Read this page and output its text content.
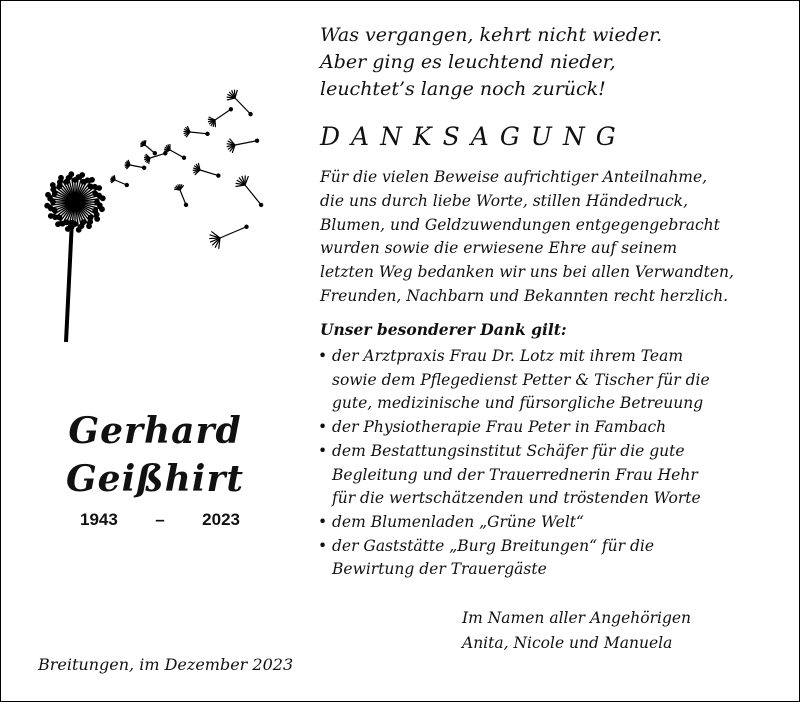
Gerhard
Geißhirt
1943 – 2023
Breitungen, im Dezember 2023
Was vergangen, kehrt nicht wieder.
Aber ging es leuchtend nieder,
leuchtet’s lange noch zurück!
DANKSAGUNG
Für die vielen Beweise aufrichtiger Anteilnahme,
die uns durch liebe Worte, stillen Händedruck,
Blumen, und Geldzuwendungen entgegengebracht
wurden sowie die erwiesene Ehre auf seinem
letzten Weg bedanken wir uns bei allen Verwandten,
Freunden, Nachbarn und Bekannten recht herzlich.
Unser besonderer Dank gilt:
• der Arztpraxis Frau Dr. Lotz mit ihrem Team
sowie dem Pflegedienst Petter & Tischer für die
gute, medizinische und fürsorgliche Betreuung
• der Physiotherapie Frau Peter in Fambach
• dem Bestattungsinstitut Schäfer für die gute
Begleitung und der Trauerrednerin Frau Hehr
für die wertschätzenden und tröstenden Worte
• dem Blumenladen „Grüne Welt“
• der Gaststätte „Burg Breitungen“ für die
Bewirtung der Trauergäste
Im Namen aller Angehörigen
Anita, Nicole und Manuela
